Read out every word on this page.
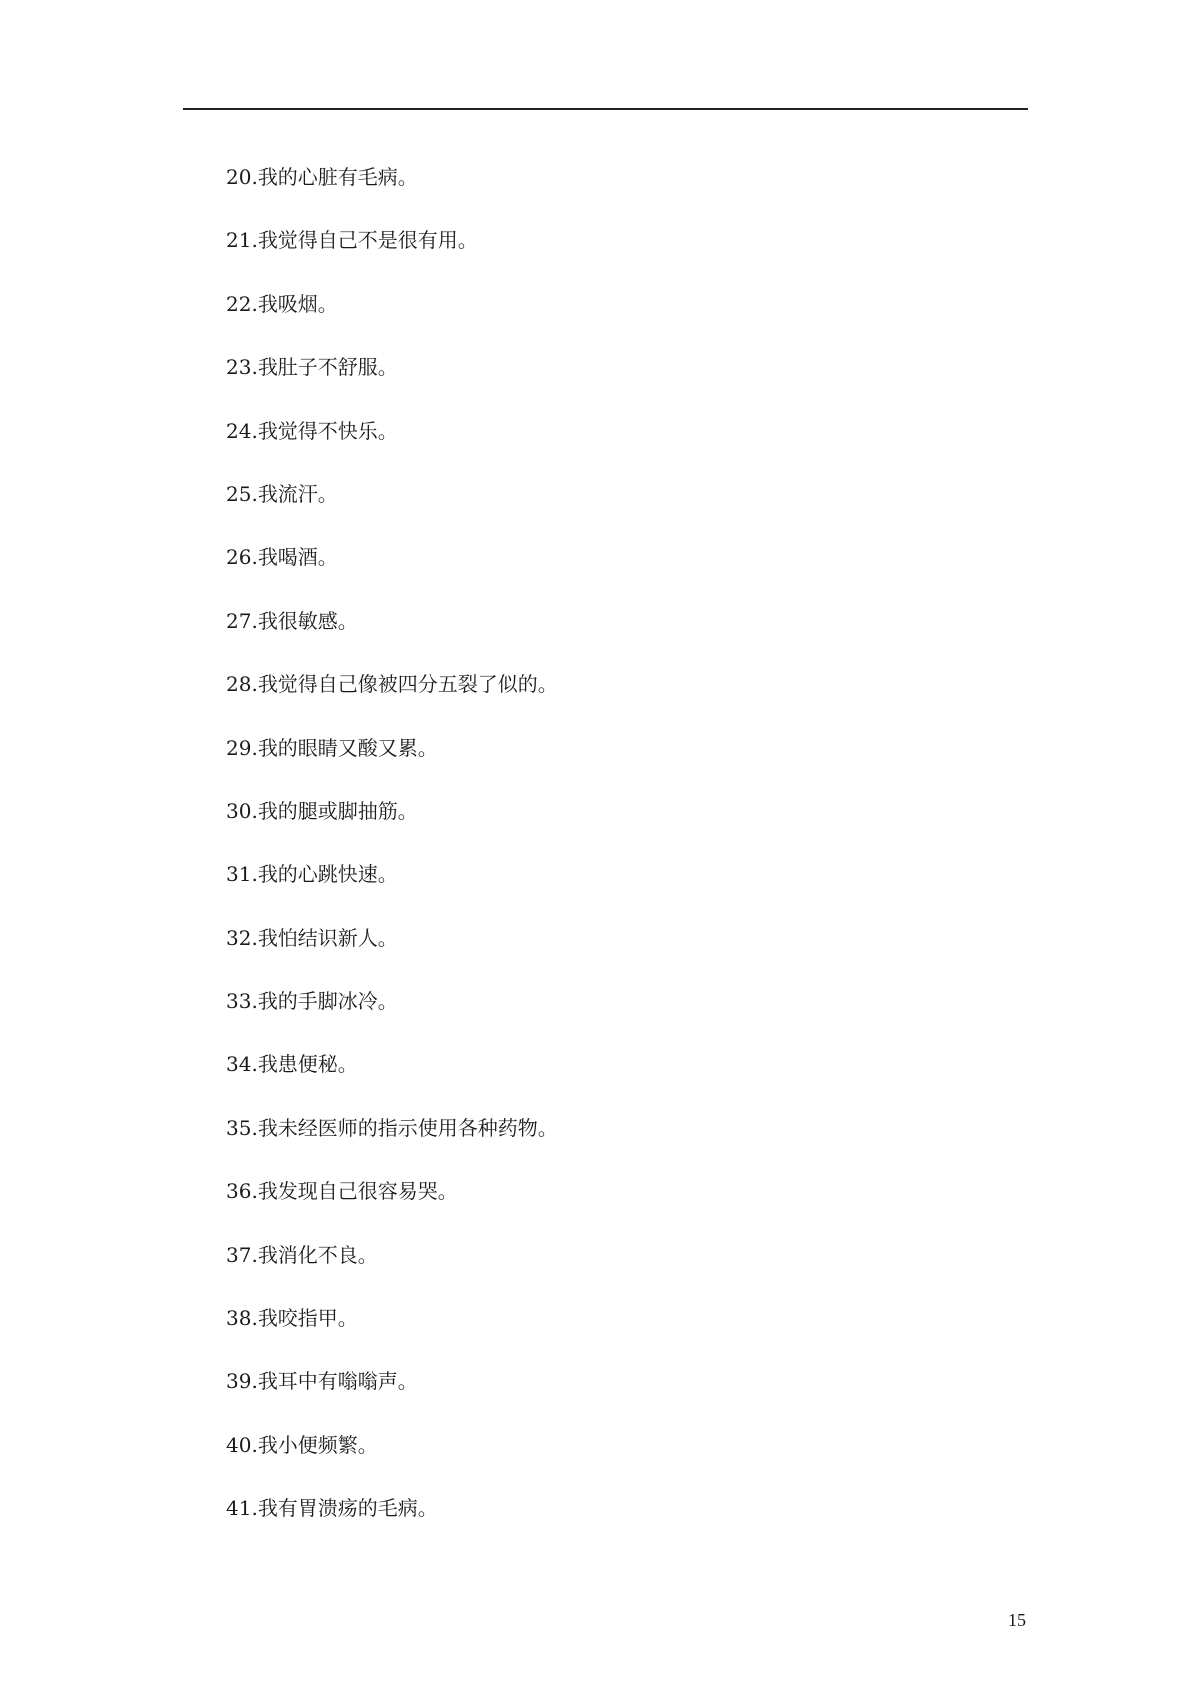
20.我的心脏有毛病。
21.我觉得自己不是很有用。
22.我吸烟。
23.我肚子不舒服。
24.我觉得不快乐。
25.我流汗。
26.我喝酒。
27.我很敏感。
28.我觉得自己像被四分五裂了似的。
29.我的眼睛又酸又累。
30.我的腿或脚抽筋。
31.我的心跳快速。
32.我怕结识新人。
33.我的手脚冰冷。
34.我患便秘。
35.我未经医师的指示使用各种药物。
36.我发现自己很容易哭。
37.我消化不良。
38.我咬指甲。
39.我耳中有嗡嗡声。
40.我小便频繁。
41.我有胃溃疡的毛病。
15
